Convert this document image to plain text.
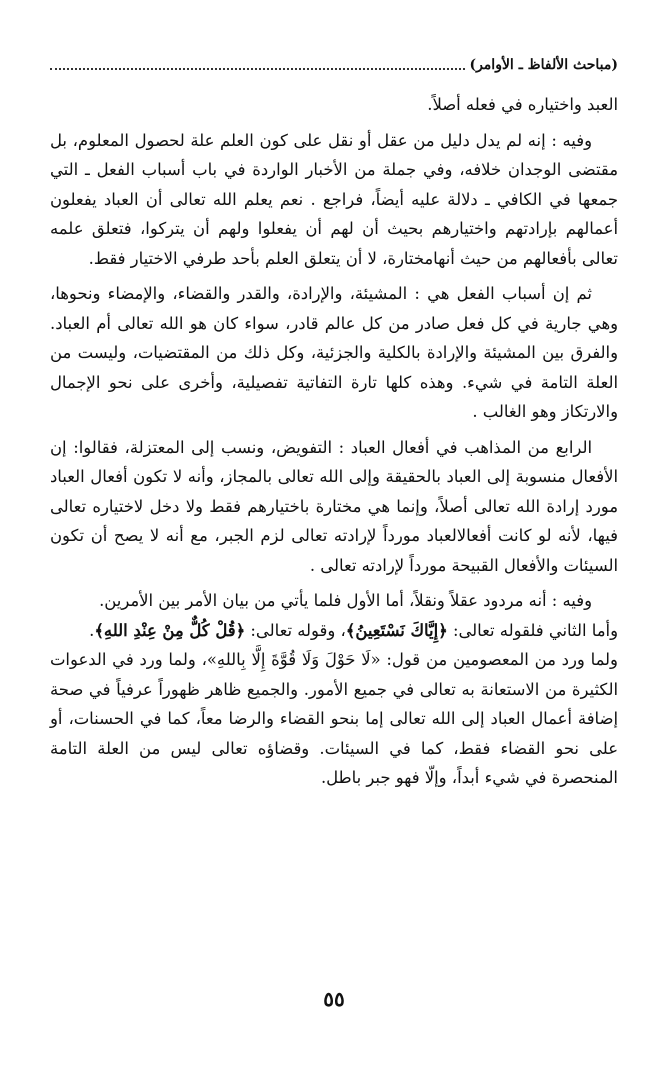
(مباحث الألفاظ ـ الأوامر)

العبد واختياره في فعله أصلاً.

وفيه : إنه لم يدل دليل من عقل أو نقل على كون العلم علة لحصول المعلوم، بل مقتضى الوجدان خلافه، وفي جملة من الأخبار الواردة في باب أسباب الفعل ـ التي جمعها في الكافي ـ دلالة عليه أيضاً، فراجع . نعم يعلم الله تعالى أن العباد يفعلون أعمالهم بإرادتهم واختيارهم بحيث أن لهم أن يفعلوا ولهم أن يتركوا، فتعلق علمه تعالى بأفعالهم من حيث أنهامختارة، لا أن يتعلق العلم بأحد طرفي الاختيار فقط.

ثم إن أسباب الفعل هي : المشيئة، والإرادة، والقدر والقضاء، والإمضاء ونحوها، وهي جارية في كل فعل صادر من كل عالم قادر، سواء كان هو الله تعالى أم العباد. والفرق بين المشيئة والإرادة بالكلية والجزئية، وكل ذلك من المقتضيات، وليست من العلة التامة في شيء. وهذه كلها تارة التفاتية تفصيلية، وأخرى على نحو الإجمال والارتكاز وهو الغالب .

الرابع من المذاهب في أفعال العباد : التفويض، ونسب إلى المعتزلة، فقالوا: إن الأفعال منسوبة إلى العباد بالحقيقة وإلى الله تعالى بالمجاز، وأنه لا تكون أفعال العباد مورد إرادة الله تعالى أصلاً، وإنما هي مختارة باختيارهم فقط ولا دخل لاختياره تعالى فيها، لأنه لو كانت أفعالالعباد مورداً لإرادته تعالى لزم الجبر، مع أنه لا يصح أن تكون السيئات والأفعال القبيحة مورداً لإرادته تعالى .

وفيه : أنه مردود عقلاً ونقلاً، أما الأول فلما يأتي من بيان الأمر بين الأمرين.
وأما الثاني فلقوله تعالى: ﴿إِيَّاكَ نَسْتَعِينُ﴾، وقوله تعالى: ﴿قُلْ كُلٌّ مِنْ عِنْدِ اللهِ﴾.
ولما ورد من المعصومين من قول: «لَا حَوْلَ وَلَا قُوَّةَ إِلَّا بِاللهِ»، ولما ورد في الدعوات الكثيرة من الاستعانة به تعالى في جميع الأمور. والجميع ظاهر ظهوراً عرفياً في صحة إضافة أعمال العباد إلى الله تعالى إما بنحو القضاء والرضا معاً، كما في الحسنات، أو على نحو القضاء فقط، كما في السيئات. وقضاؤه تعالى ليس من العلة التامة المنحصرة في شيء أبداً، وإلّا فهو جبر باطل.

٥٥
